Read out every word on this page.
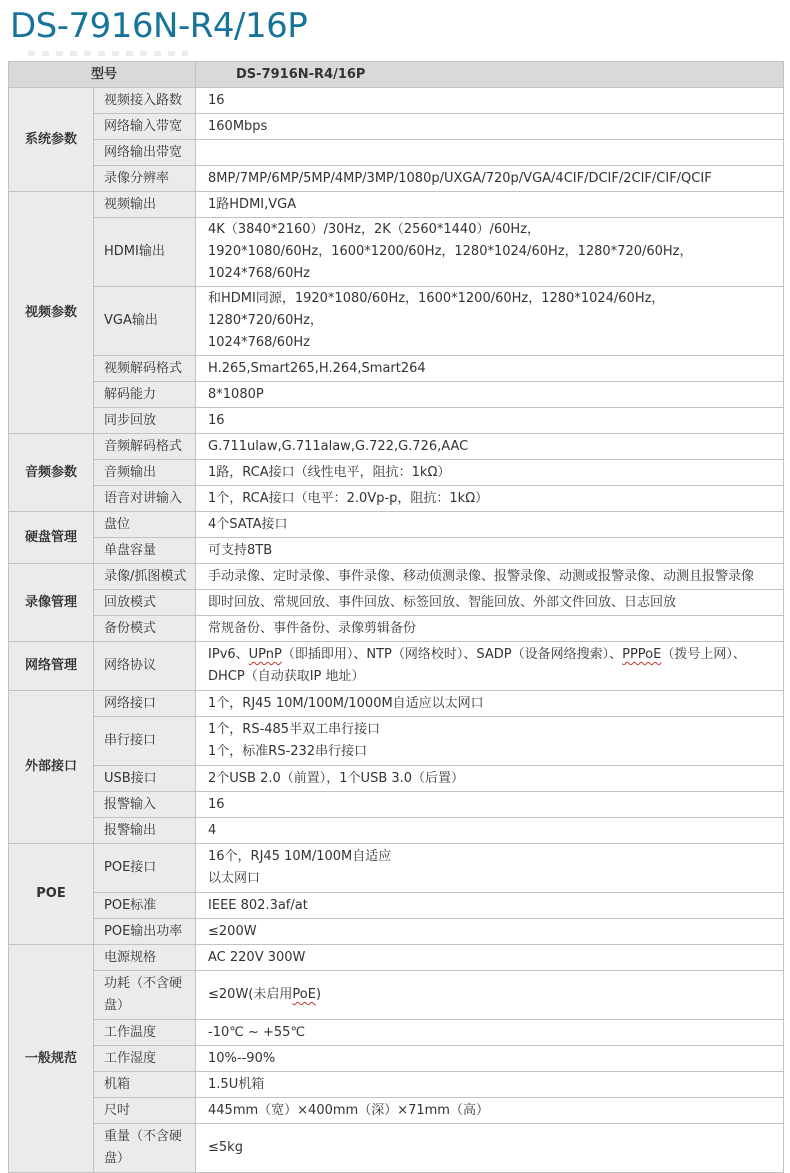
DS-7916N-R4/16P
型号		DS-7916N-R4/16P
系统参数	视频接入路数	16
	网络输入带宽	160Mbps
	网络输出带宽	
	录像分辨率	8MP/7MP/6MP/5MP/4MP/3MP/1080p/UXGA/720p/VGA/4CIF/DCIF/2CIF/CIF/QCIF
视频参数	视频输出	1路HDMI,VGA
	HDMI输出	4K（3840*2160）/30Hz，2K（2560*1440）/60Hz，
1920*1080/60Hz，1600*1200/60Hz，1280*1024/60Hz，1280*720/60Hz，1024*768/60Hz
	VGA输出	和HDMI同源，1920*1080/60Hz，1600*1200/60Hz，1280*1024/60Hz，1280*720/60Hz，
1024*768/60Hz
	视频解码格式	H.265,Smart265,H.264,Smart264
	解码能力	8*1080P
	同步回放	16
音频参数	音频解码格式	G.711ulaw,G.711alaw,G.722,G.726,AAC
	音频输出	1路，RCA接口（线性电平，阻抗：1kΩ）
	语音对讲输入	1个，RCA接口（电平：2.0Vp-p，阻抗：1kΩ）
硬盘管理	盘位	4个SATA接口
	单盘容量	可支持8TB
录像管理	录像/抓图模式	手动录像、定时录像、事件录像、移动侦测录像、报警录像、动测或报警录像、动测且报警录像
	回放模式	即时回放、常规回放、事件回放、标签回放、智能回放、外部文件回放、日志回放
	备份模式	常规备份、事件备份、录像剪辑备份
网络管理	网络协议	IPv6、UPnP（即插即用）、NTP（网络校时）、SADP（设备网络搜索）、PPPoE（拨号上网）、
DHCP（自动获取IP 地址）
外部接口	网络接口	1个，RJ45 10M/100M/1000M自适应以太网口
	串行接口	1个，RS-485半双工串行接口
1个，标准RS-232串行接口
	USB接口	2个USB 2.0（前置），1个USB 3.0（后置）
	报警输入	16
	报警输出	4
POE	POE接口	16个，RJ45 10M/100M自适应
以太网口
	POE标准	IEEE 802.3af/at
	POE输出功率	≤200W
一般规范	电源规格	AC 220V 300W
	功耗（不含硬盘）	≤20W(未启用PoE)
	工作温度	-10℃ ~ +55℃
	工作湿度	10%--90%
	机箱	1.5U机箱
	尺吋	445mm（宽）×400mm（深）×71mm（高）
	重量（不含硬盘）	≤5kg
